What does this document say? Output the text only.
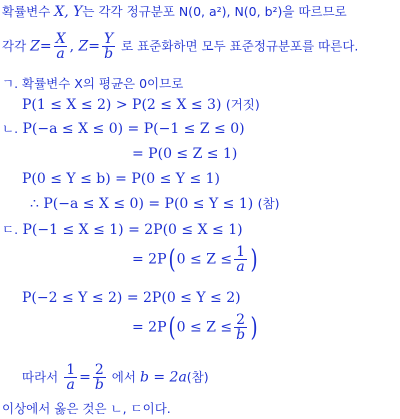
확률변수 X, Y는 각각 정규분포 N(0, a²), N(0, b²)을 따르므로
각각 $Z= \frac{X}{a}$ , $Z= \frac{Y}{b}$ 로 표준화하면 모두 표준정규분포를 따른다.
ㄱ. 확률변수 X의 평균은 0이므로
P(1 ≤ X ≤ 2) > P(2 ≤ X ≤ 3) (거짓)
ㄴ. P(−a ≤ X ≤ 0) = P(−1 ≤ Z ≤ 0)
= P(0 ≤ Z ≤ 1)
P(0 ≤ Y ≤ b) = P(0 ≤ Y ≤ 1)
∴ P(−a ≤ X ≤ 0) = P(0 ≤ Y ≤ 1) (참)
ㄷ. P(−1 ≤ X ≤ 1) = 2P(0 ≤ X ≤ 1)
= 2P( $0 \le Z \le \frac{1}{a}$ )
P(−2 ≤ Y ≤ 2) = 2P(0 ≤ Y ≤ 2)
= 2P( $0 \le Z \le \frac{2}{b}$ )
따라서 $\frac{1}{a} = \frac{2}{b}$ 에서 b = 2a(참)
이상에서 옳은 것은 ㄴ, ㄷ이다.
